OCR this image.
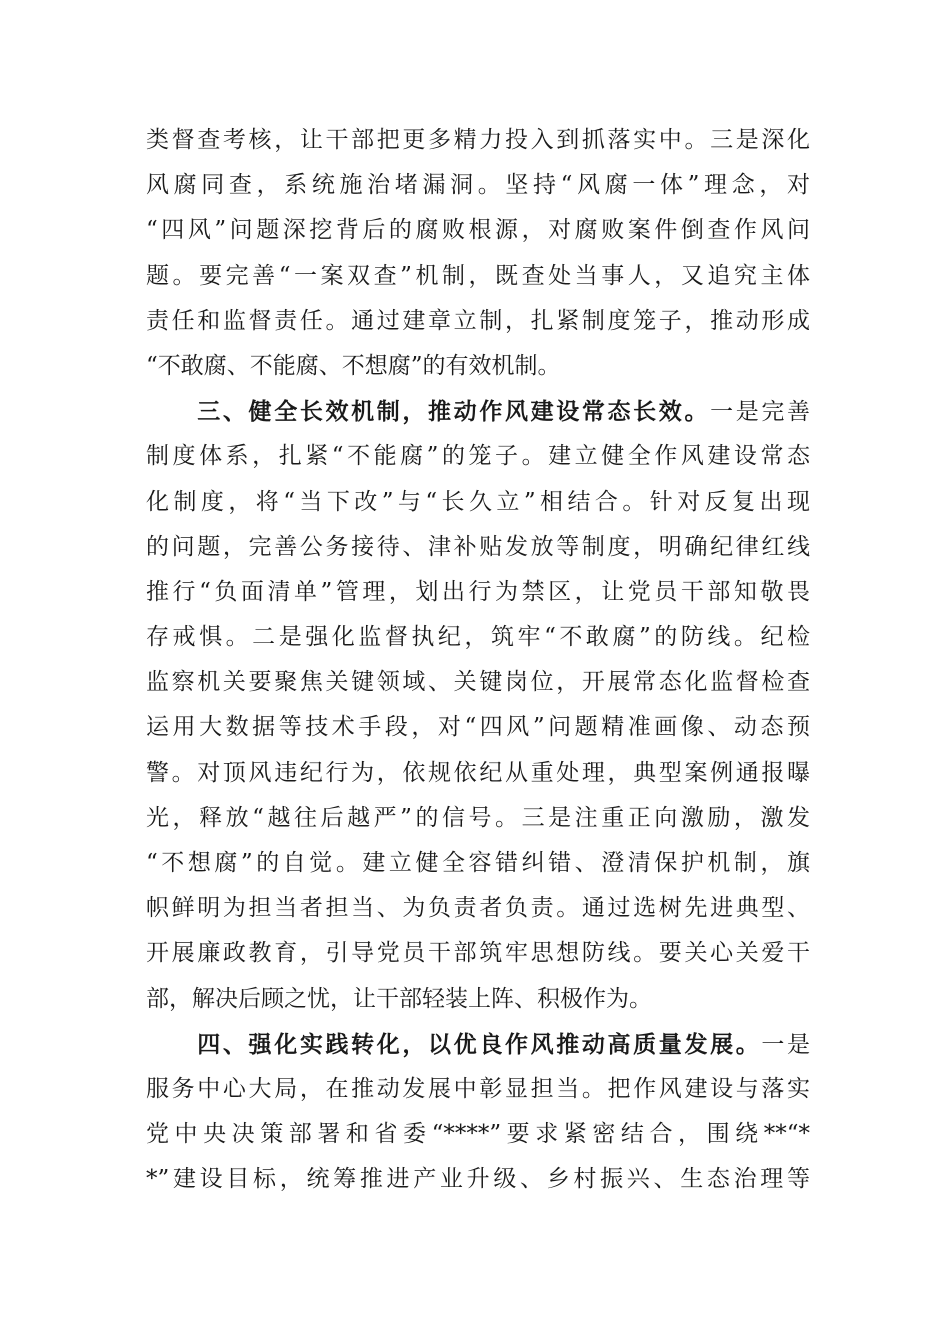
类督查考核，让干部把更多精力投入到抓落实中。三是深化
风腐同查，系统施治堵漏洞。坚持“风腐一体”理念，对
“四风”问题深挖背后的腐败根源，对腐败案件倒查作风问
题。要完善“一案双查”机制，既查处当事人，又追究主体
责任和监督责任。通过建章立制，扎紧制度笼子，推动形成
“不敢腐、不能腐、不想腐”的有效机制。
　　三、健全长效机制，推动作风建设常态长效。一是完善
制度体系，扎紧“不能腐”的笼子。建立健全作风建设常态
化制度，将“当下改”与“长久立”相结合。针对反复出现
的问题，完善公务接待、津补贴发放等制度，明确纪律红线
推行“负面清单”管理，划出行为禁区，让党员干部知敬畏
存戒惧。二是强化监督执纪，筑牢“不敢腐”的防线。纪检
监察机关要聚焦关键领域、关键岗位，开展常态化监督检查
运用大数据等技术手段，对“四风”问题精准画像、动态预
警。对顶风违纪行为，依规依纪从重处理，典型案例通报曝
光，释放“越往后越严”的信号。三是注重正向激励，激发
“不想腐”的自觉。建立健全容错纠错、澄清保护机制，旗
帜鲜明为担当者担当、为负责者负责。通过选树先进典型、
开展廉政教育，引导党员干部筑牢思想防线。要关心关爱干
部，解决后顾之忧，让干部轻装上阵、积极作为。
　　四、强化实践转化，以优良作风推动高质量发展。一是
服务中心大局，在推动发展中彰显担当。把作风建设与落实
党中央决策部署和省委“****”要求紧密结合，围绕**“*
*”建设目标，统筹推进产业升级、乡村振兴、生态治理等
